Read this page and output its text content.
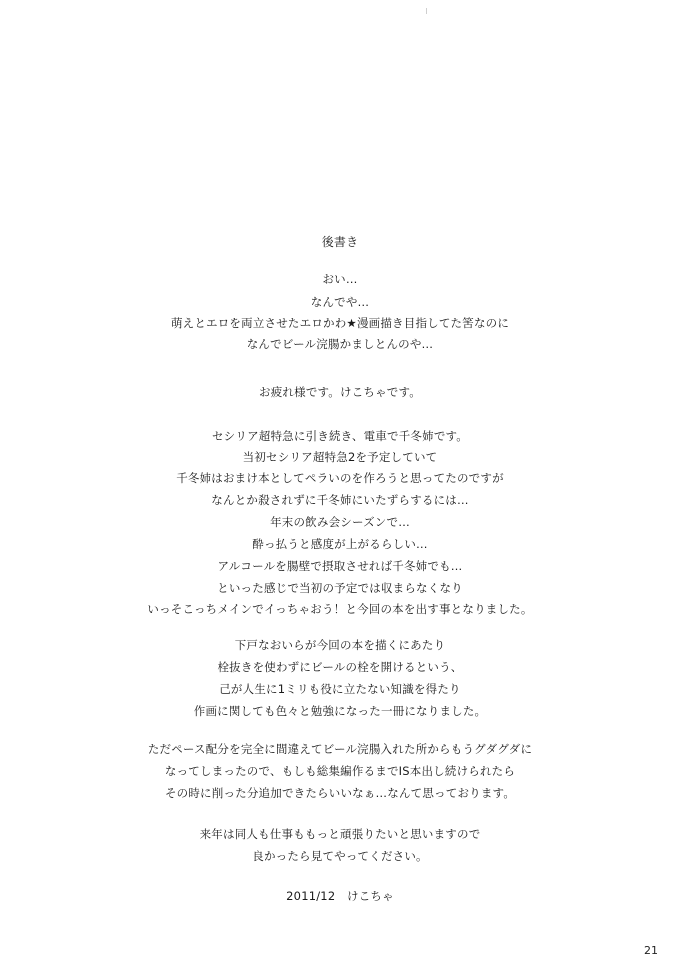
後書き
おい…
なんでや…
萌えとエロを両立させたエロかわ★漫画描き目指してた筈なのに
なんでビール浣腸かましとんのや…
お疲れ様です。けこちゃです。
セシリア超特急に引き続き、電車で千冬姉です。
当初セシリア超特急2を予定していて
千冬姉はおまけ本としてペラいのを作ろうと思ってたのですが
なんとか殺されずに千冬姉にいたずらするには…
年末の飲み会シーズンで…
酔っ払うと感度が上がるらしい…
アルコールを腸壁で摂取させれば千冬姉でも…
といった感じで当初の予定では収まらなくなり
いっそこっちメインでイっちゃおう！と今回の本を出す事となりました。
下戸なおいらが今回の本を描くにあたり
栓抜きを使わずにビールの栓を開けるという、
己が人生に1ミリも役に立たない知識を得たり
作画に関しても色々と勉強になった一冊になりました。
ただペース配分を完全に間違えてビール浣腸入れた所からもうグダグダに
なってしまったので、もしも総集編作るまでIS本出し続けられたら
その時に削った分追加できたらいいなぁ…なんて思っております。
来年は同人も仕事ももっと頑張りたいと思いますので
良かったら見てやってください。
2011/12　けこちゃ
21
